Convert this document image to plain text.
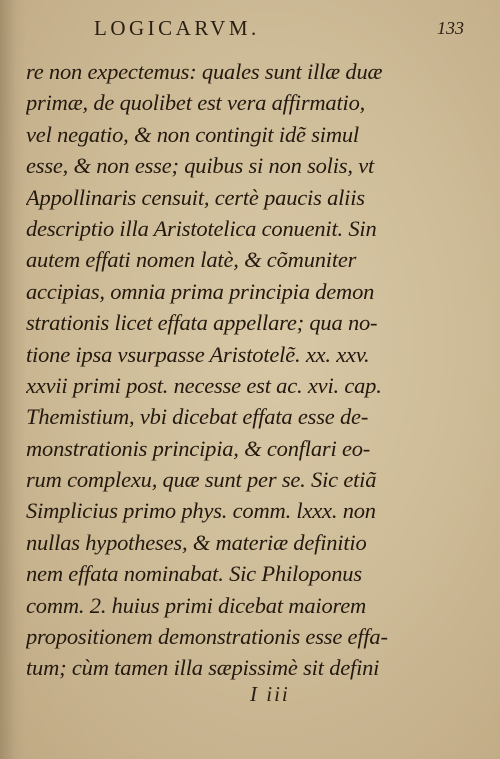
LOGICARVM.	133
re non expectemus: quales sunt illæ duæ
primæ, de quolibet est vera affirmatio,
vel negatio, & non contingit idẽ simul
esse, & non esse; quibus si non solis, vt
Appollinaris censuit, certè paucis aliis
descriptio illa Aristotelica conuenit. Sin
autem effati nomen latè, & cõmuniter
accipias, omnia prima principia demon
strationis licet effata appellare; qua no-
tione ipsa vsurpasse Aristotelẽ. xx. xxv.
xxvii primi post. necesse est ac. xvi. cap.
Themistium, vbi dicebat effata esse de-
monstrationis principia, & conflari eo-
rum complexu, quæ sunt per se. Sic etiã
Simplicius primo phys. comm. lxxx. non
nullas hypotheses, & materiæ definitio
nem effata nominabat. Sic Philoponus
comm. 2. huius primi dicebat maiorem
propositionem demonstrationis esse effa-
tum; cùm tamen illa sæpissimè sit defini
I iii
